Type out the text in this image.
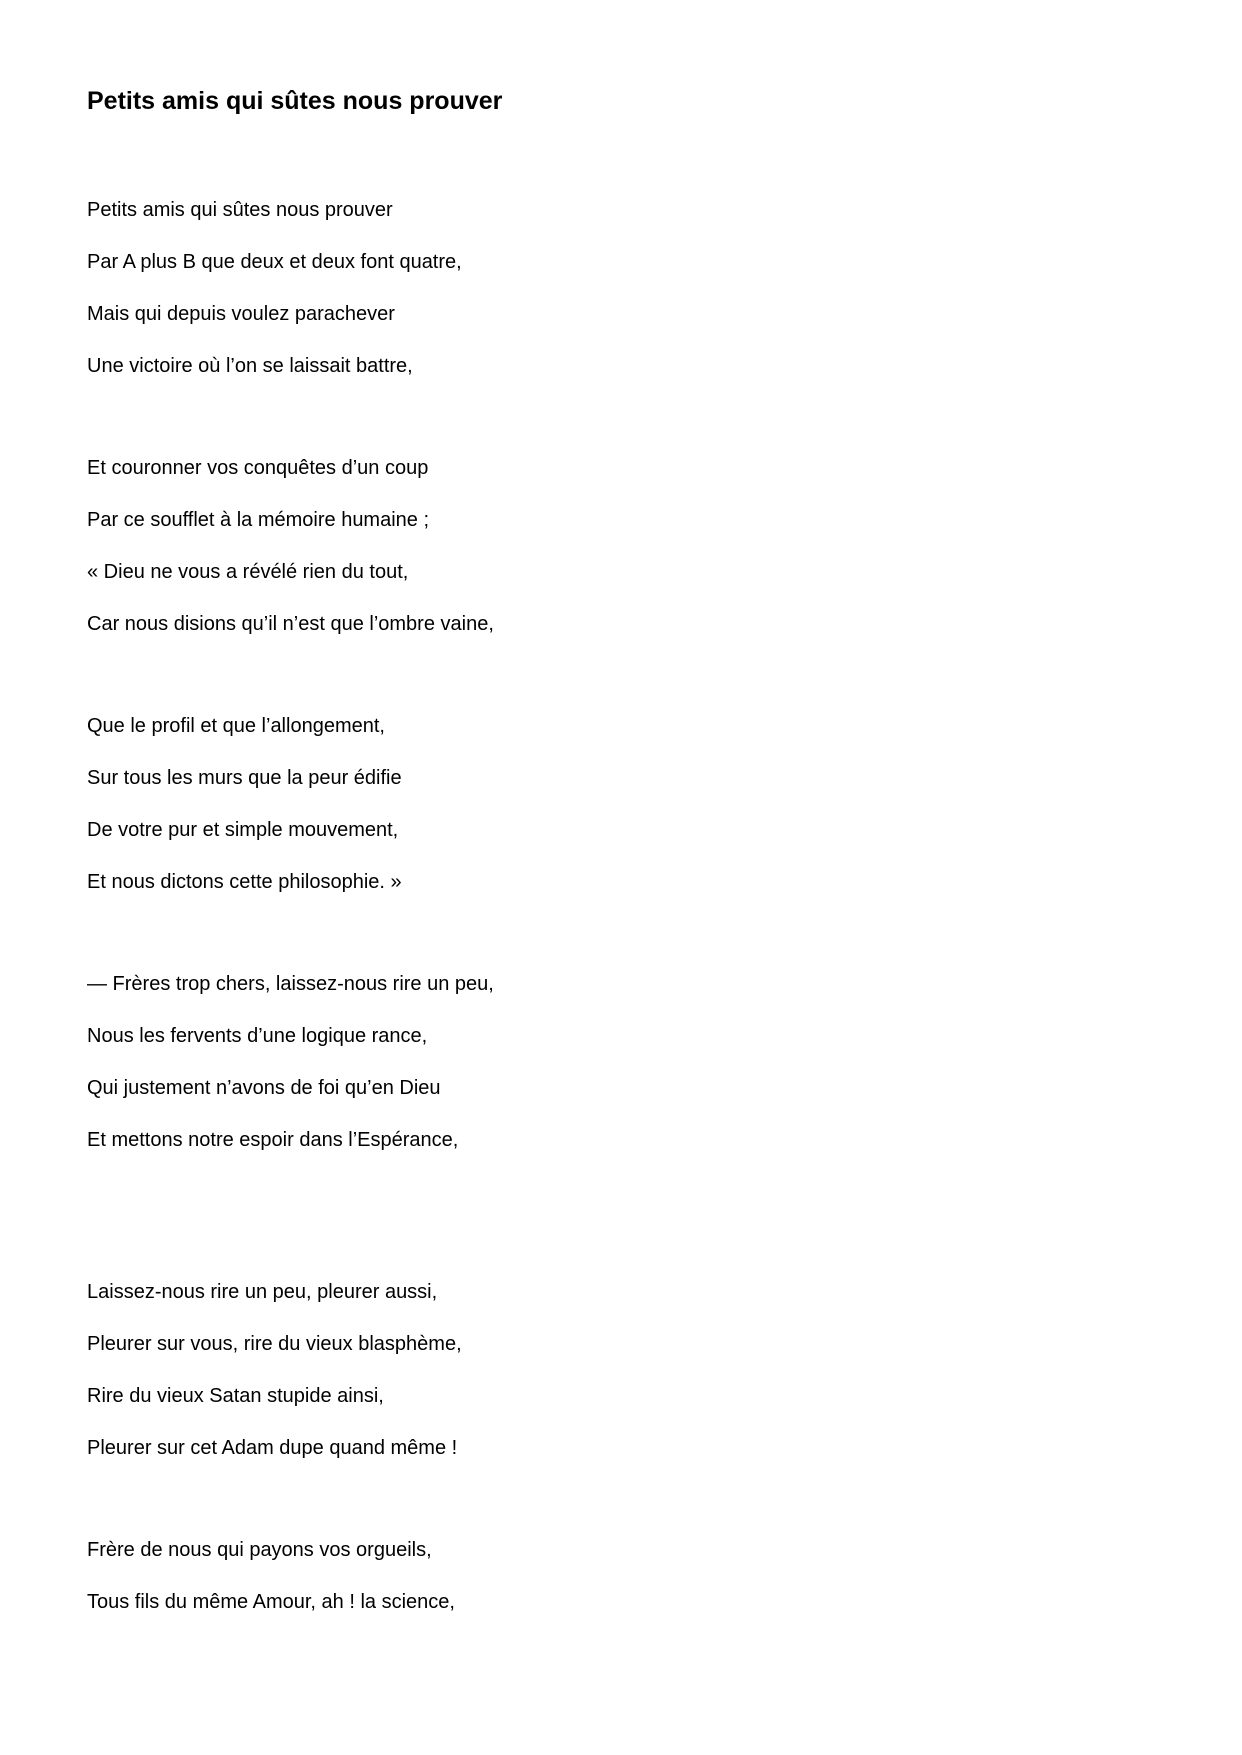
Petits amis qui sûtes nous prouver

Petits amis qui sûtes nous prouver

Par A plus B que deux et deux font quatre,

Mais qui depuis voulez parachever

Une victoire où l’on se laissait battre,

Et couronner vos conquêtes d’un coup

Par ce soufflet à la mémoire humaine ;

« Dieu ne vous a révélé rien du tout,

Car nous disions qu’il n’est que l’ombre vaine,

Que le profil et que l’allongement,

Sur tous les murs que la peur édifie

De votre pur et simple mouvement,

Et nous dictons cette philosophie. »

— Frères trop chers, laissez-nous rire un peu,

Nous les fervents d’une logique rance,

Qui justement n’avons de foi qu’en Dieu

Et mettons notre espoir dans l’Espérance,

Laissez-nous rire un peu, pleurer aussi,

Pleurer sur vous, rire du vieux blasphème,

Rire du vieux Satan stupide ainsi,

Pleurer sur cet Adam dupe quand même !

Frère de nous qui payons vos orgueils,

Tous fils du même Amour, ah ! la science,
